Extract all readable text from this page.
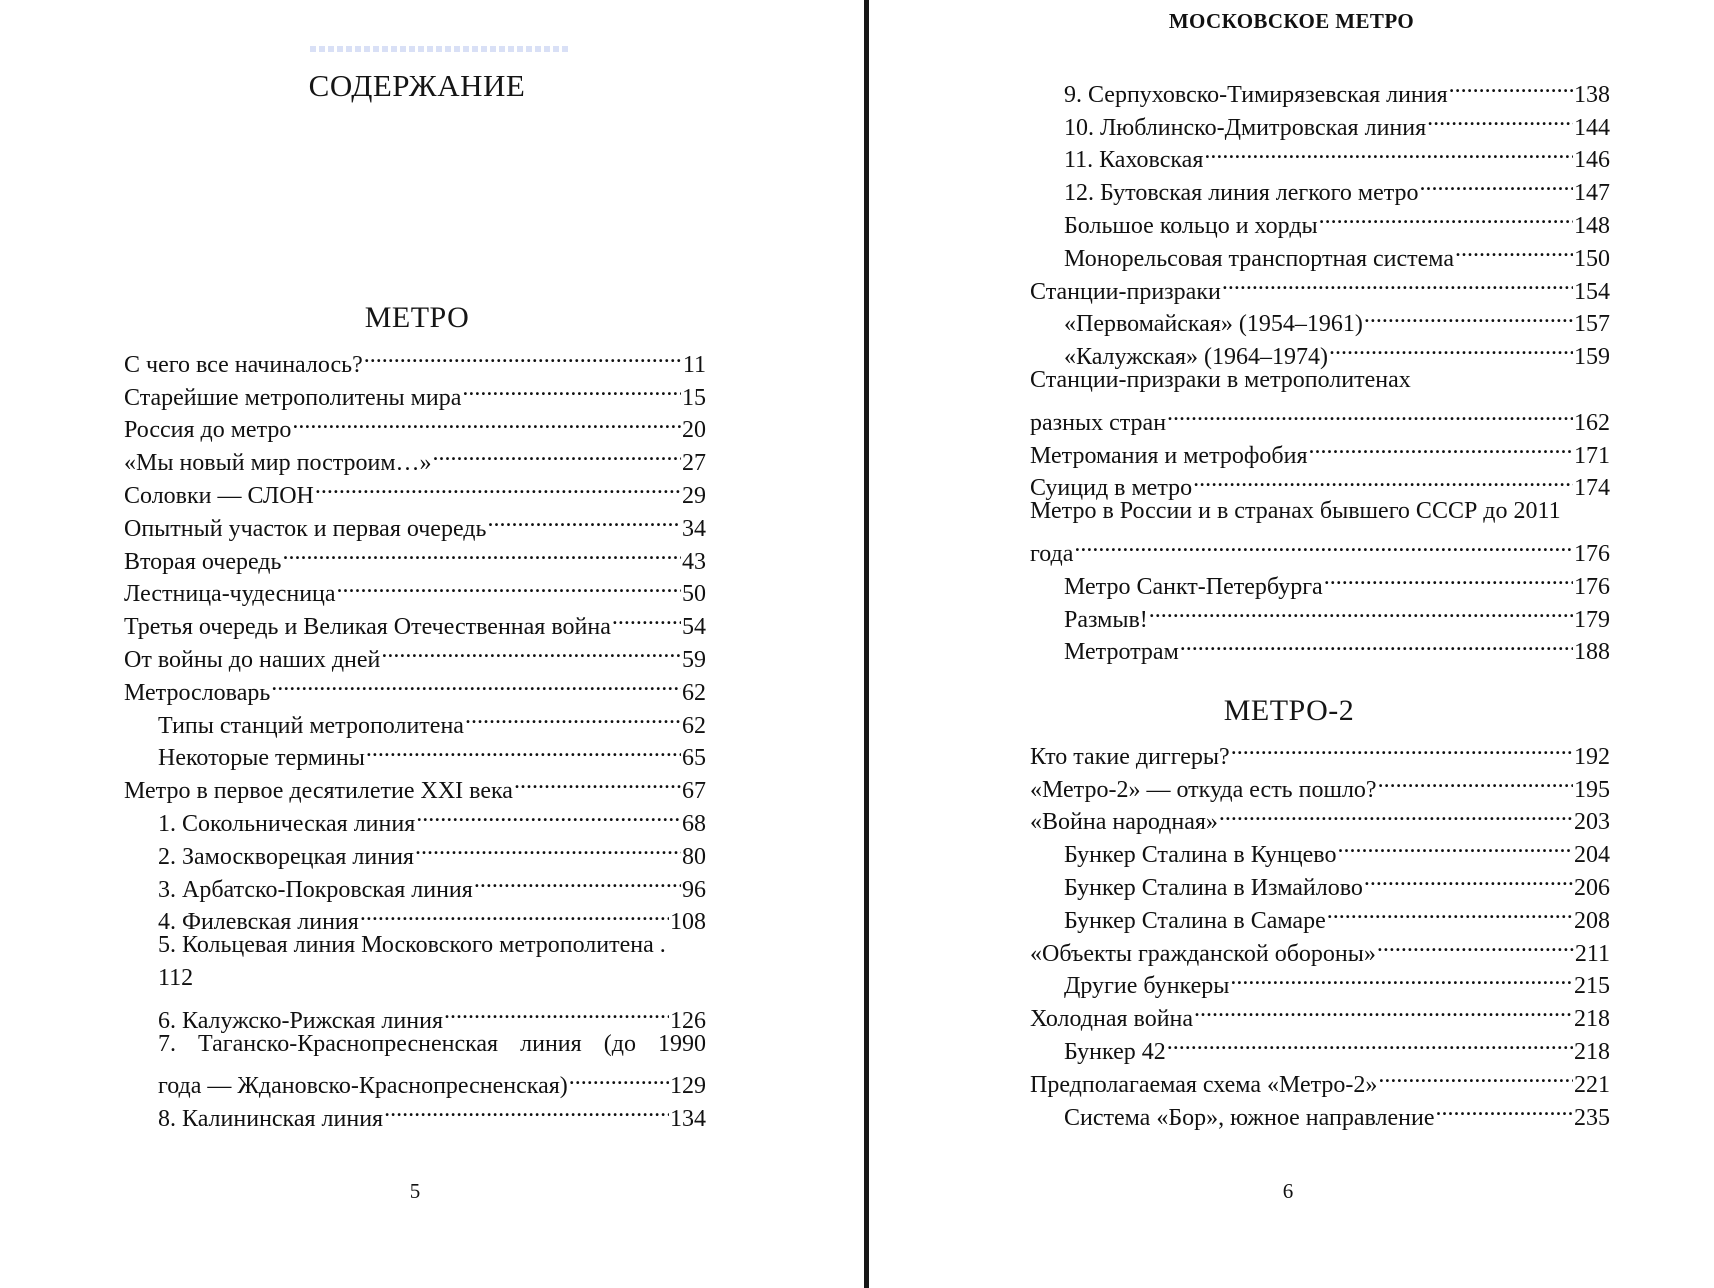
СОДЕРЖАНИЕ
МЕТРО
С чего все начиналось? . . .	11
Старейшие метрополитены мира . . .	15
Россия до метро . . .	20
«Мы новый мир построим…» . . .	27
Соловки — СЛОН . . .	29
Опытный участок и первая очередь . . .	34
Вторая очередь . . .	43
Лестница-чудесница . . .	50
Третья очередь и Великая Отечественная война . . .	54
От войны до наших дней . . .	59
Метрословарь . . .	62
Типы станций метрополитена . . .	62
Некоторые термины . . .	65
Метро в первое десятилетие XXI века . . .	67
1. Сокольническая линия . . .	68
2. Замоскворецкая линия . . .	80
3. Арбатско-Покровская линия . . .	96
4. Филевская линия . . .	108
5. Кольцевая линия Московского метрополитена .
112
6. Калужско-Рижская линия . . .	126
7. Таганско-Краснопресненская линия (до 1990
года — Ждановско-Краснопресненская) . . .	129
8. Калининская линия . . .	134
5
МОСКОВСКОЕ МЕТРО
9. Серпуховско-Тимирязевская линия . . .	138
10. Люблинско-Дмитровская линия . . .	144
11. Каховская . . .	146
12. Бутовская линия легкого метро . . .	147
Большое кольцо и хорды . . .	148
Монорельсовая транспортная система . . .	150
Станции-призраки . . .	154
«Первомайская» (1954–1961) . . .	157
«Калужская» (1964–1974) . . .	159
Станции-призраки в метрополитенах
разных стран . . .	162
Метромания и метрофобия . . .	171
Суицид в метро . . .	174
Метро в России и в странах бывшего СССР до 2011
года . . .	176
Метро Санкт-Петербурга . . .	176
Размыв! . . .	179
Метротрам . . .	188
МЕТРО-2
Кто такие диггеры? . . .	192
«Метро-2» — откуда есть пошло? . . .	195
«Война народная» . . .	203
Бункер Сталина в Кунцево . . .	204
Бункер Сталина в Измайлово . . .	206
Бункер Сталина в Самаре . . .	208
«Объекты гражданской обороны» . . .	211
Другие бункеры . . .	215
Холодная война . . .	218
Бункер 42 . . .	218
Предполагаемая схема «Метро-2» . . .	221
Система «Бор», южное направление . . .	235
6
